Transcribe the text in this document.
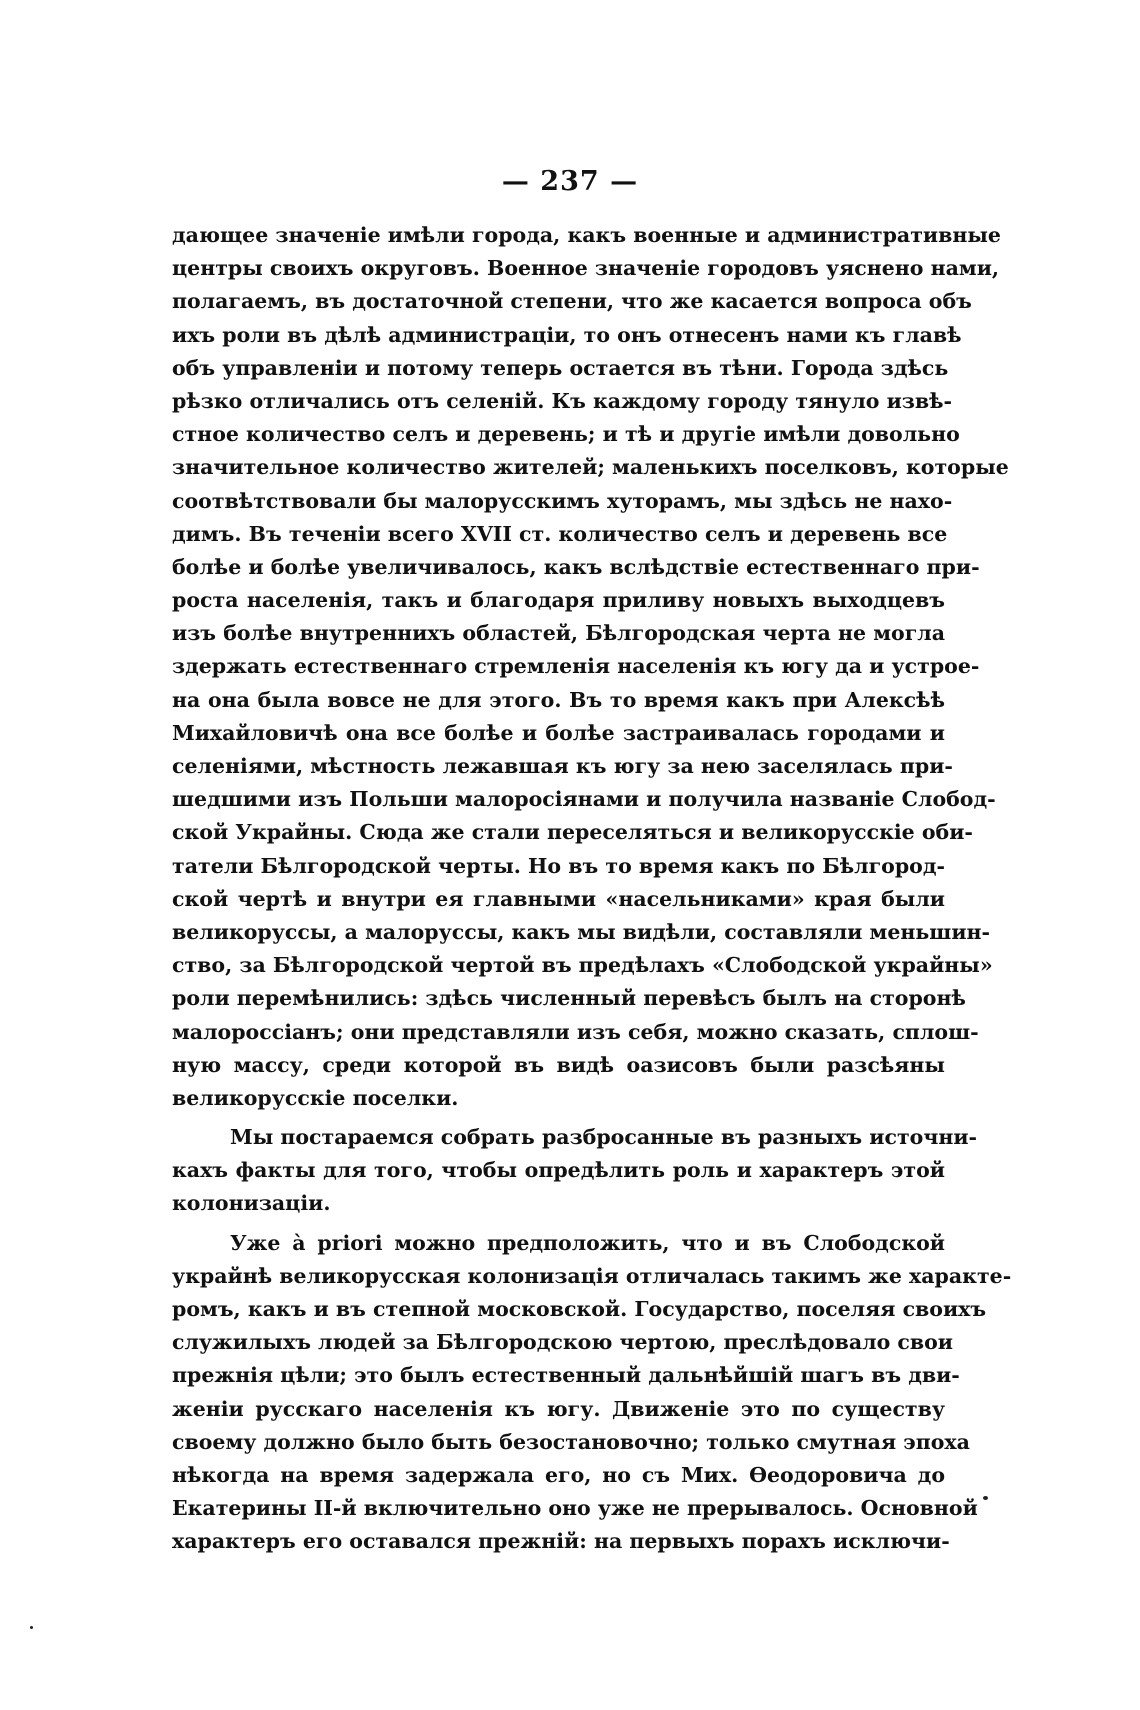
— 237 —
дающее значеніе имѣли города, какъ военные и административные
центры своихъ округовъ. Военное значеніе городовъ уяснено нами,
полагаемъ, въ достаточной степени, что же касается вопроса объ
ихъ роли въ дѣлѣ администраціи, то онъ отнесенъ нами къ главѣ
объ управленіи и потому теперь остается въ тѣни. Города здѣсь
рѣзко отличались отъ селеній. Къ каждому городу тянуло извѣ-
стное количество селъ и деревень; и тѣ и другіе имѣли довольно
значительное количество жителей; маленькихъ поселковъ, которые
соотвѣтствовали бы малорусскимъ хуторамъ, мы здѣсь не нахо-
димъ. Въ теченіи всего XVII ст. количество селъ и деревень все
болѣе и болѣе увеличивалось, какъ вслѣдствіе естественнаго при-
роста населенія, такъ и благодаря приливу новыхъ выходцевъ
изъ болѣе внутреннихъ областей, Бѣлгородская черта не могла
здержать естественнаго стремленія населенія къ югу да и устрое-
на она была вовсе не для этого. Въ то время какъ при Алексѣѣ
Михайловичѣ она все болѣе и болѣе застраивалась городами и
селеніями, мѣстность лежавшая къ югу за нею заселялась при-
шедшими изъ Польши малоросіянами и получила названіе Слобод-
ской Украйны. Сюда же стали переселяться и великорусскіе оби-
татели Бѣлгородской черты. Но въ то время какъ по Бѣлгород-
ской чертѣ и внутри ея главными «насельниками» края были
великоруссы, а малоруссы, какъ мы видѣли, составляли меньшин-
ство, за Бѣлгородской чертой въ предѣлахъ «Слободской украйны»
роли перемѣнились: здѣсь численный перевѣсъ былъ на сторонѣ
малороссіанъ; они представляли изъ себя, можно сказать, сплош-
ную массу, среди которой въ видѣ оазисовъ были разсѣяны
великорусскіе поселки.
Мы постараемся собрать разбросанные въ разныхъ источни-
кахъ факты для того, чтобы опредѣлить роль и характеръ этой
колонизаціи.
Уже à priori можно предположить, что и въ Слободской
украйнѣ великорусская колонизація отличалась такимъ же характе-
ромъ, какъ и въ степной московской. Государство, поселяя своихъ
служилыхъ людей за Бѣлгородскою чертою, преслѣдовало свои
прежнія цѣли; это былъ естественный дальнѣйшій шагъ въ дви-
женіи русскаго населенія къ югу. Движеніе это по существу
своему должно было быть безостановочно; только смутная эпоха
нѣкогда на время задержала его, но съ Мих. Ѳеодоровича до
Екатерины II-й включительно оно уже не прерывалось. Основной
характеръ его оставался прежній: на первыхъ порахъ исключи-
